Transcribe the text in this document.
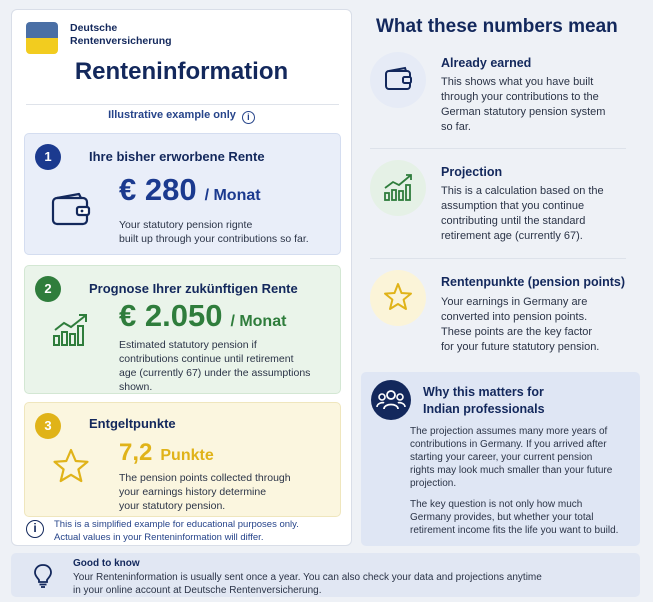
Deutsche
Rentenversicherung
Renteninformation
Illustrative example only i
1	Ihre bisher erworbene Rente
€ 280 / Monat
Your statutory pension rignte
built up through your contributions so far.
2	Prognose Ihrer zukünftigen Rente
€ 2.050 / Monat
Estimated statutory pension if
contributions continue until retirement
age (currently 67) under the assumptions
shown.
3	Entgeltpunkte
7,2 Punkte
The pension points collected through
your earnings history determine
your statutory pension.
i	This is a simplified example for educational purposes only.
Actual values in your Renteninformation will differ.
What these numbers mean
Already earned
This shows what you have built
through your contributions to the
German statutory pension system
so far.
Projection
This is a calculation based on the
assumption that you continue
contributing until the standard
retirement age (currently 67).
Rentenpunkte (pension points)
Your earnings in Germany are
converted into pension points.
These points are the key factor
for your future statutory pension.
Why this matters for
Indian professionals
The projection assumes many more years of
contributions in Germany. If you arrived after
starting your career, your current pension
rights may look much smaller than your future
projection.
The key question is not only how much
Germany provides, but whether your total
retirement income fits the life you want to build.
Good to know
Your Renteninformation is usually sent once a year. You can also check your data and projections anytime
in your online account at Deutsche Rentenversicherung.
